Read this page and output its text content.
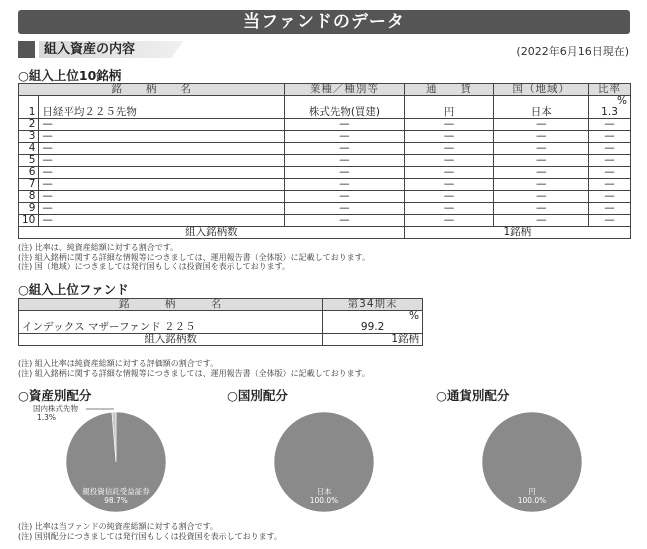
当ファンドのデータ
組入資産の内容	(2022年6月16日現在)
○組入上位10銘柄
銘　　柄　　名		業種／種別等	通　　貨	国（地域）	比率
					%
1	日経平均２２５先物	株式先物(買建)	円	日本	1.3
2	—	—	—	—	—
3	—	—	—	—	—
4	—	—	—	—	—
5	—	—	—	—	—
6	—	—	—	—	—
7	—	—	—	—	—
8	—	—	—	—	—
9	—	—	—	—	—
10	—	—	—	—	—
組入銘柄数			1銘柄		
(注) 比率は、純資産総額に対する割合です。
(注) 組入銘柄に関する詳細な情報等につきましては、運用報告書（全体版）に記載しております。
(注) 国（地域）につきましては発行国もしくは投資国を表示しております。
○組入上位ファンド
銘　　　柄　　　名	第34期末
	%
インデックス マザーファンド ２２５	99.2
組入銘柄数	1銘柄
(注) 組入比率は純資産総額に対する評価額の割合です。
(注) 組入銘柄に関する詳細な情報等につきましては、運用報告書（全体版）に記載しております。
○資産別配分	○国別配分	○通貨別配分
親投資信託受益証券
98.7%
日本
100.0%
円
100.0%
国内株式先物
1.3%
(注) 比率は当ファンドの純資産総額に対する割合です。
(注) 国別配分につきましては発行国もしくは投資国を表示しております。
